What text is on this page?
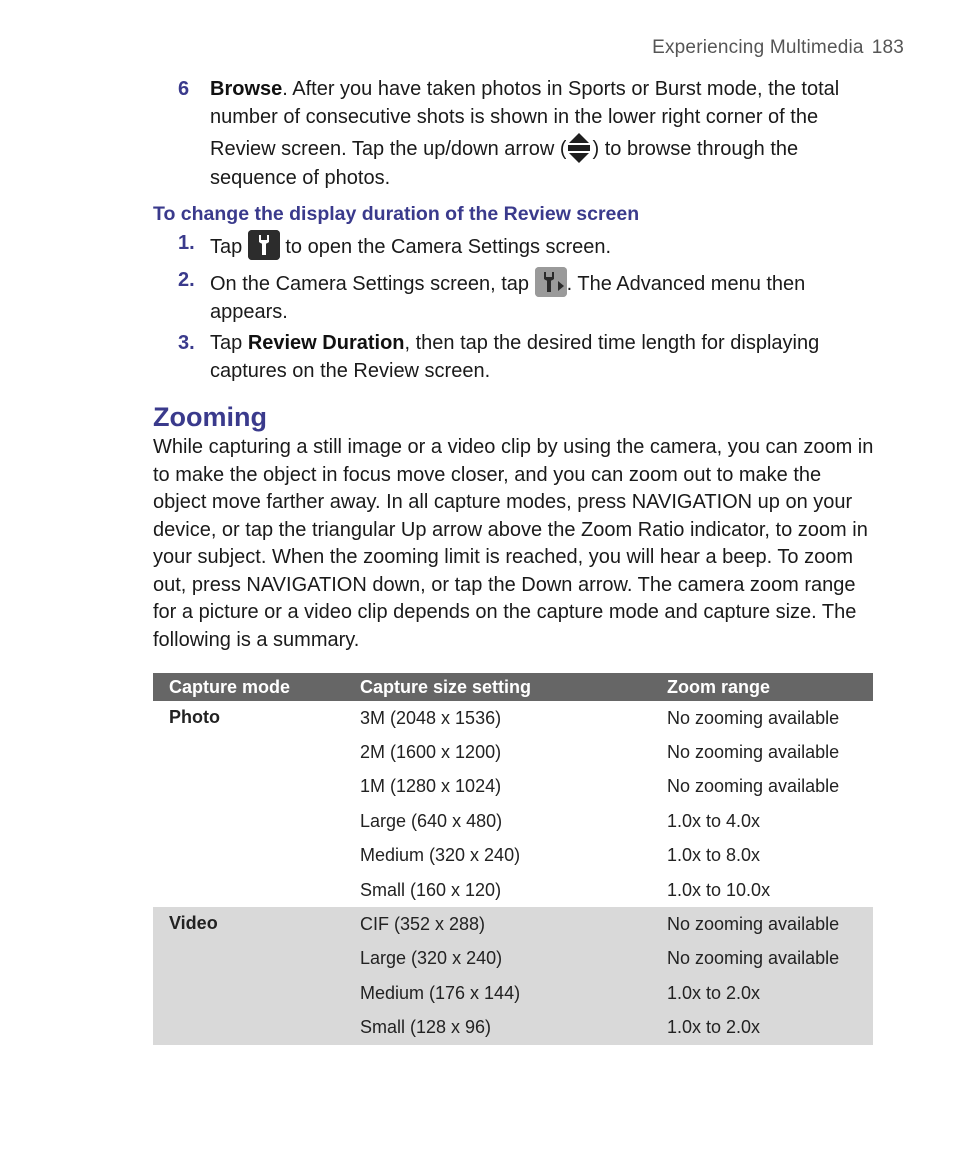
Experiencing Multimedia 183
6	Browse. After you have taken photos in Sports or Burst mode, the total number of consecutive shots is shown in the lower right corner of the Review screen. Tap the up/down arrow ( ) to browse through the sequence of photos.
To change the display duration of the Review screen
1. Tap  to open the Camera Settings screen.
2. On the Camera Settings screen, tap . The Advanced menu then appears.
3. Tap Review Duration, then tap the desired time length for displaying captures on the Review screen.
Zooming
While capturing a still image or a video clip by using the camera, you can zoom in to make the object in focus move closer, and you can zoom out to make the object move farther away. In all capture modes, press NAVIGATION up on your device, or tap the triangular Up arrow above the Zoom Ratio indicator, to zoom in your subject. When the zooming limit is reached, you will hear a beep. To zoom out, press NAVIGATION down, or tap the Down arrow. The camera zoom range for a picture or a video clip depends on the capture mode and capture size. The following is a summary.
Capture mode	Capture size setting	Zoom range
Photo	3M (2048 x 1536)	No zooming available
	2M (1600 x 1200)	No zooming available
	1M (1280 x 1024)	No zooming available
	Large (640 x 480)	1.0x to 4.0x
	Medium (320 x 240)	1.0x to 8.0x
	Small (160 x 120)	1.0x to 10.0x
Video	CIF (352 x 288)	No zooming available
	Large (320 x 240)	No zooming available
	Medium (176 x 144)	1.0x to 2.0x
	Small (128 x 96)	1.0x to 2.0x
